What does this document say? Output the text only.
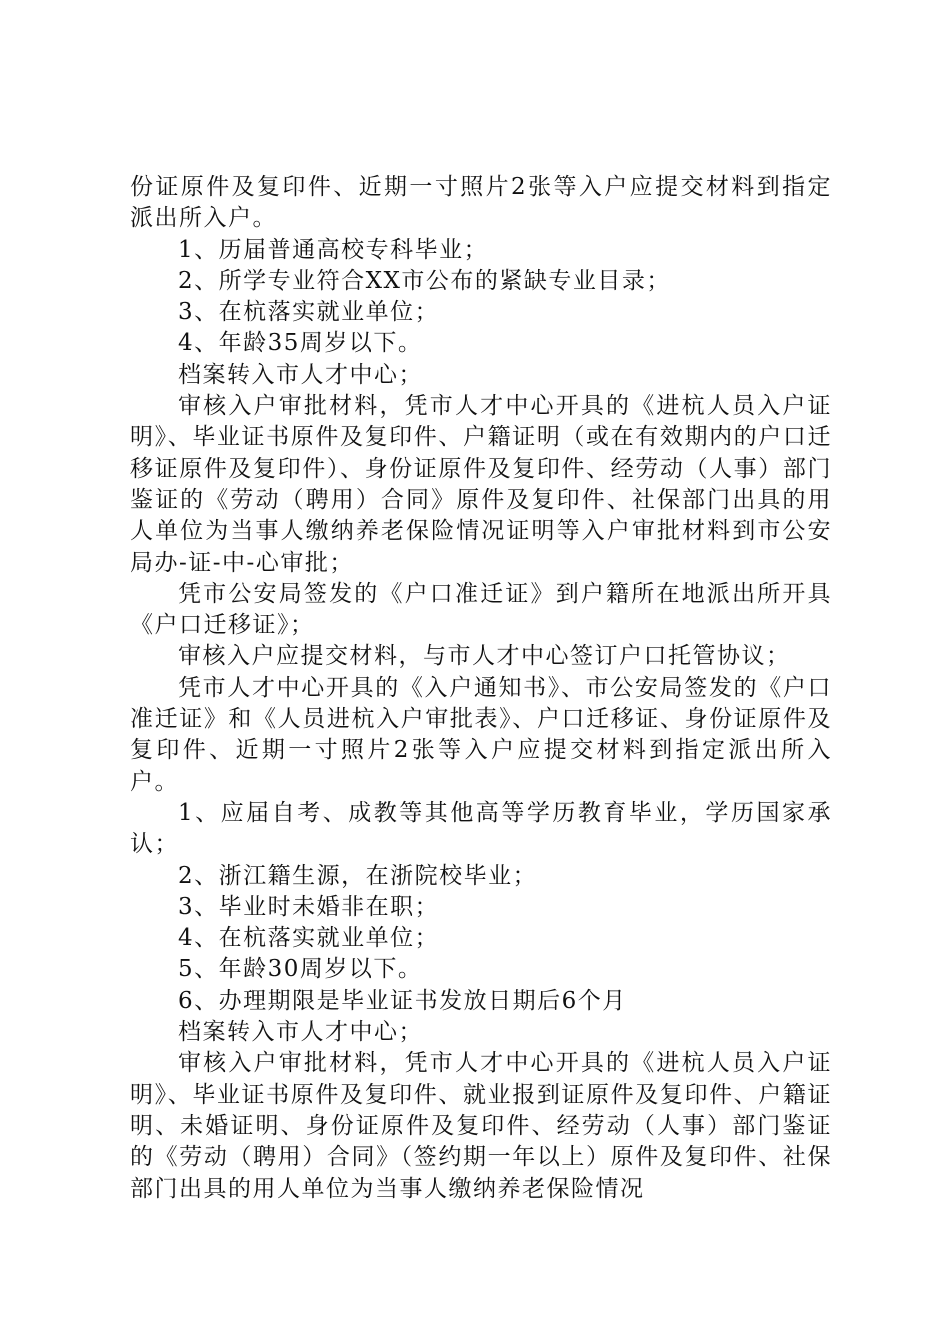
份证原件及复印件、近期一寸照片2张等入户应提交材料到指定派出所入户。

1、历届普通高校专科毕业；

2、所学专业符合XX市公布的紧缺专业目录；

3、在杭落实就业单位；

4、年龄35周岁以下。

档案转入市人才中心；

审核入户审批材料，凭市人才中心开具的《进杭人员入户证明》、毕业证书原件及复印件、户籍证明（或在有效期内的户口迁移证原件及复印件）、身份证原件及复印件、经劳动（人事）部门鉴证的《劳动（聘用）合同》原件及复印件、社保部门出具的用人单位为当事人缴纳养老保险情况证明等入户审批材料到市公安局办-证-中-心审批；

凭市公安局签发的《户口准迁证》到户籍所在地派出所开具《户口迁移证》；

审核入户应提交材料，与市人才中心签订户口托管协议；

凭市人才中心开具的《入户通知书》、市公安局签发的《户口准迁证》和《人员进杭入户审批表》、户口迁移证、身份证原件及复印件、近期一寸照片2张等入户应提交材料到指定派出所入户。

1、应届自考、成教等其他高等学历教育毕业，学历国家承认；

2、浙江籍生源，在浙院校毕业；

3、毕业时未婚非在职；

4、在杭落实就业单位；

5、年龄30周岁以下。

6、办理期限是毕业证书发放日期后6个月

档案转入市人才中心；

审核入户审批材料，凭市人才中心开具的《进杭人员入户证明》、毕业证书原件及复印件、就业报到证原件及复印件、户籍证明、未婚证明、身份证原件及复印件、经劳动（人事）部门鉴证的《劳动（聘用）合同》（签约期一年以上）原件及复印件、社保部门出具的用人单位为当事人缴纳养老保险情况
